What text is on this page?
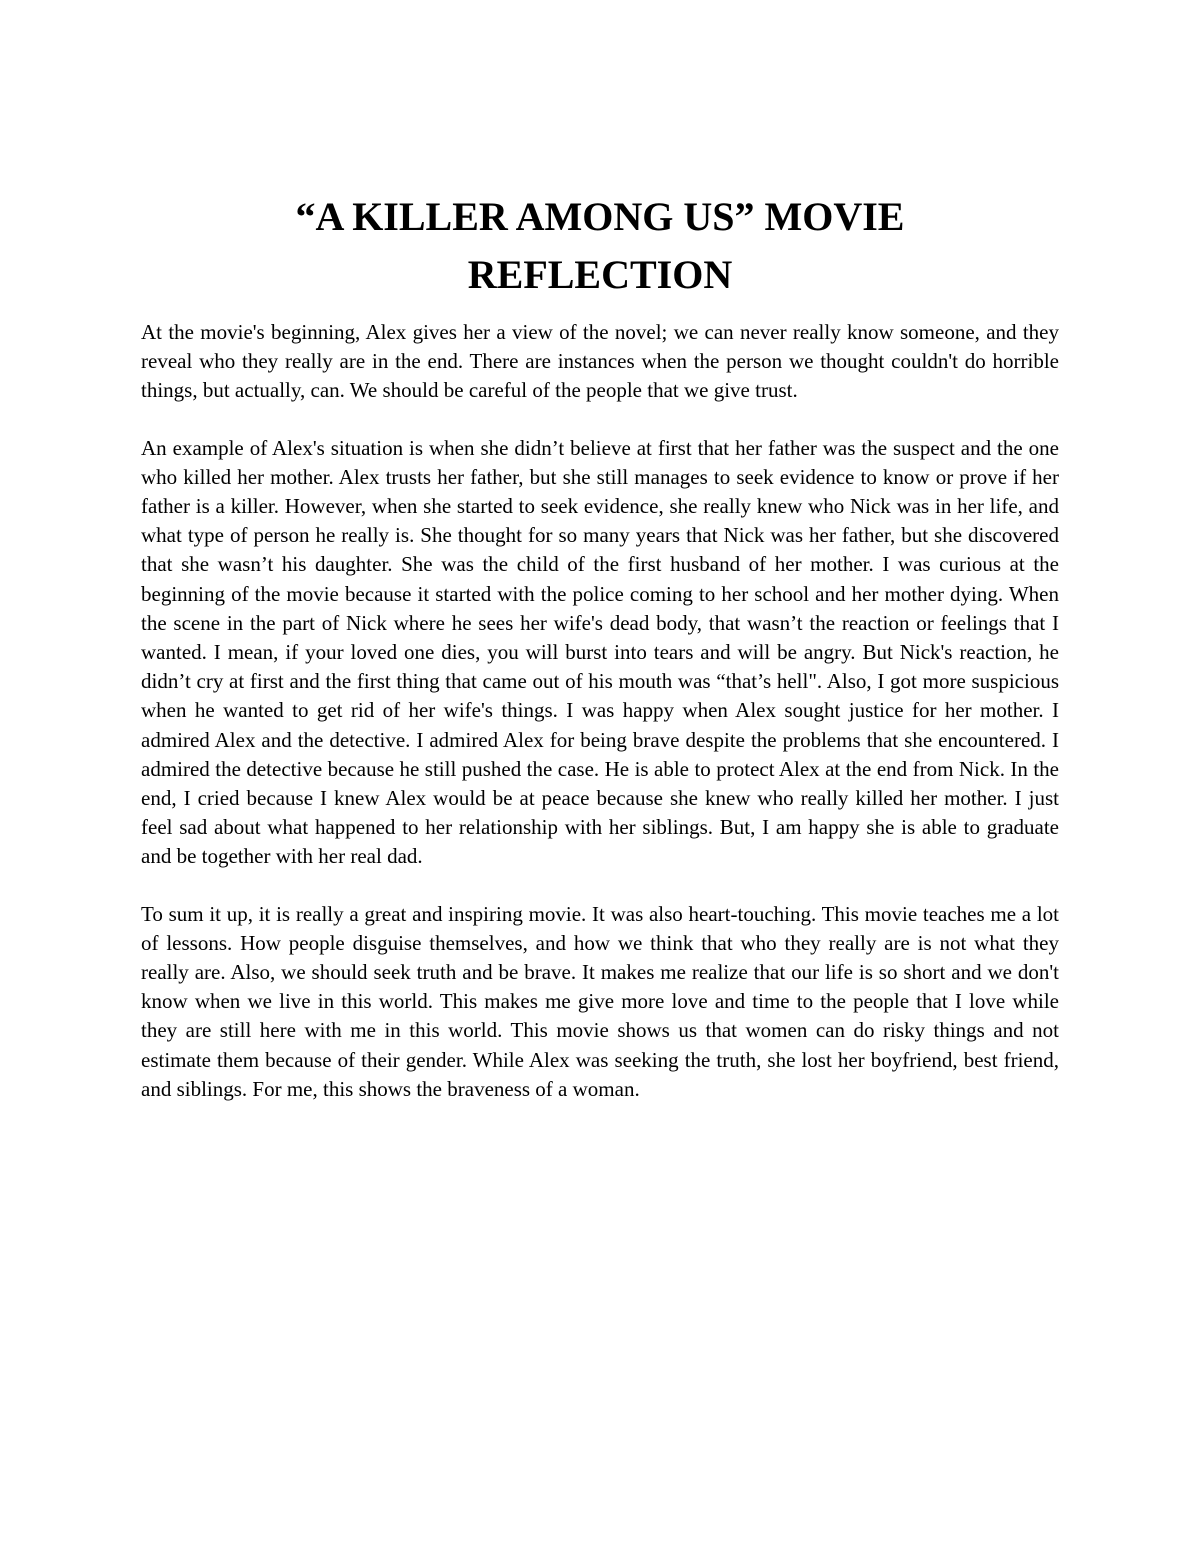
“A KILLER AMONG US” MOVIE
REFLECTION

At the movie's beginning, Alex gives her a view of the novel; we can never really know someone, and they reveal who they really are in the end. There are instances when the person we thought couldn't do horrible things, but actually, can. We should be careful of the people that we give trust.

An example of Alex's situation is when she didn’t believe at first that her father was the suspect and the one who killed her mother. Alex trusts her father, but she still manages to seek evidence to know or prove if her father is a killer. However, when she started to seek evidence, she really knew who Nick was in her life, and what type of person he really is. She thought for so many years that Nick was her father, but she discovered that she wasn’t his daughter. She was the child of the first husband of her mother. I was curious at the beginning of the movie because it started with the police coming to her school and her mother dying. When the scene in the part of Nick where he sees her wife's dead body, that wasn’t the reaction or feelings that I wanted. I mean, if your loved one dies, you will burst into tears and will be angry. But Nick's reaction, he didn’t cry at first and the first thing that came out of his mouth was “that’s hell". Also, I got more suspicious when he wanted to get rid of her wife's things. I was happy when Alex sought justice for her mother. I admired Alex and the detective. I admired Alex for being brave despite the problems that she encountered. I admired the detective because he still pushed the case. He is able to protect Alex at the end from Nick. In the end, I cried because I knew Alex would be at peace because she knew who really killed her mother. I just feel sad about what happened to her relationship with her siblings. But, I am happy she is able to graduate and be together with her real dad.

To sum it up, it is really a great and inspiring movie. It was also heart-touching. This movie teaches me a lot of lessons. How people disguise themselves, and how we think that who they really are is not what they really are. Also, we should seek truth and be brave. It makes me realize that our life is so short and we don't know when we live in this world. This makes me give more love and time to the people that I love while they are still here with me in this world. This movie shows us that women can do risky things and not estimate them because of their gender. While Alex was seeking the truth, she lost her boyfriend, best friend, and siblings. For me, this shows the braveness of a woman.
